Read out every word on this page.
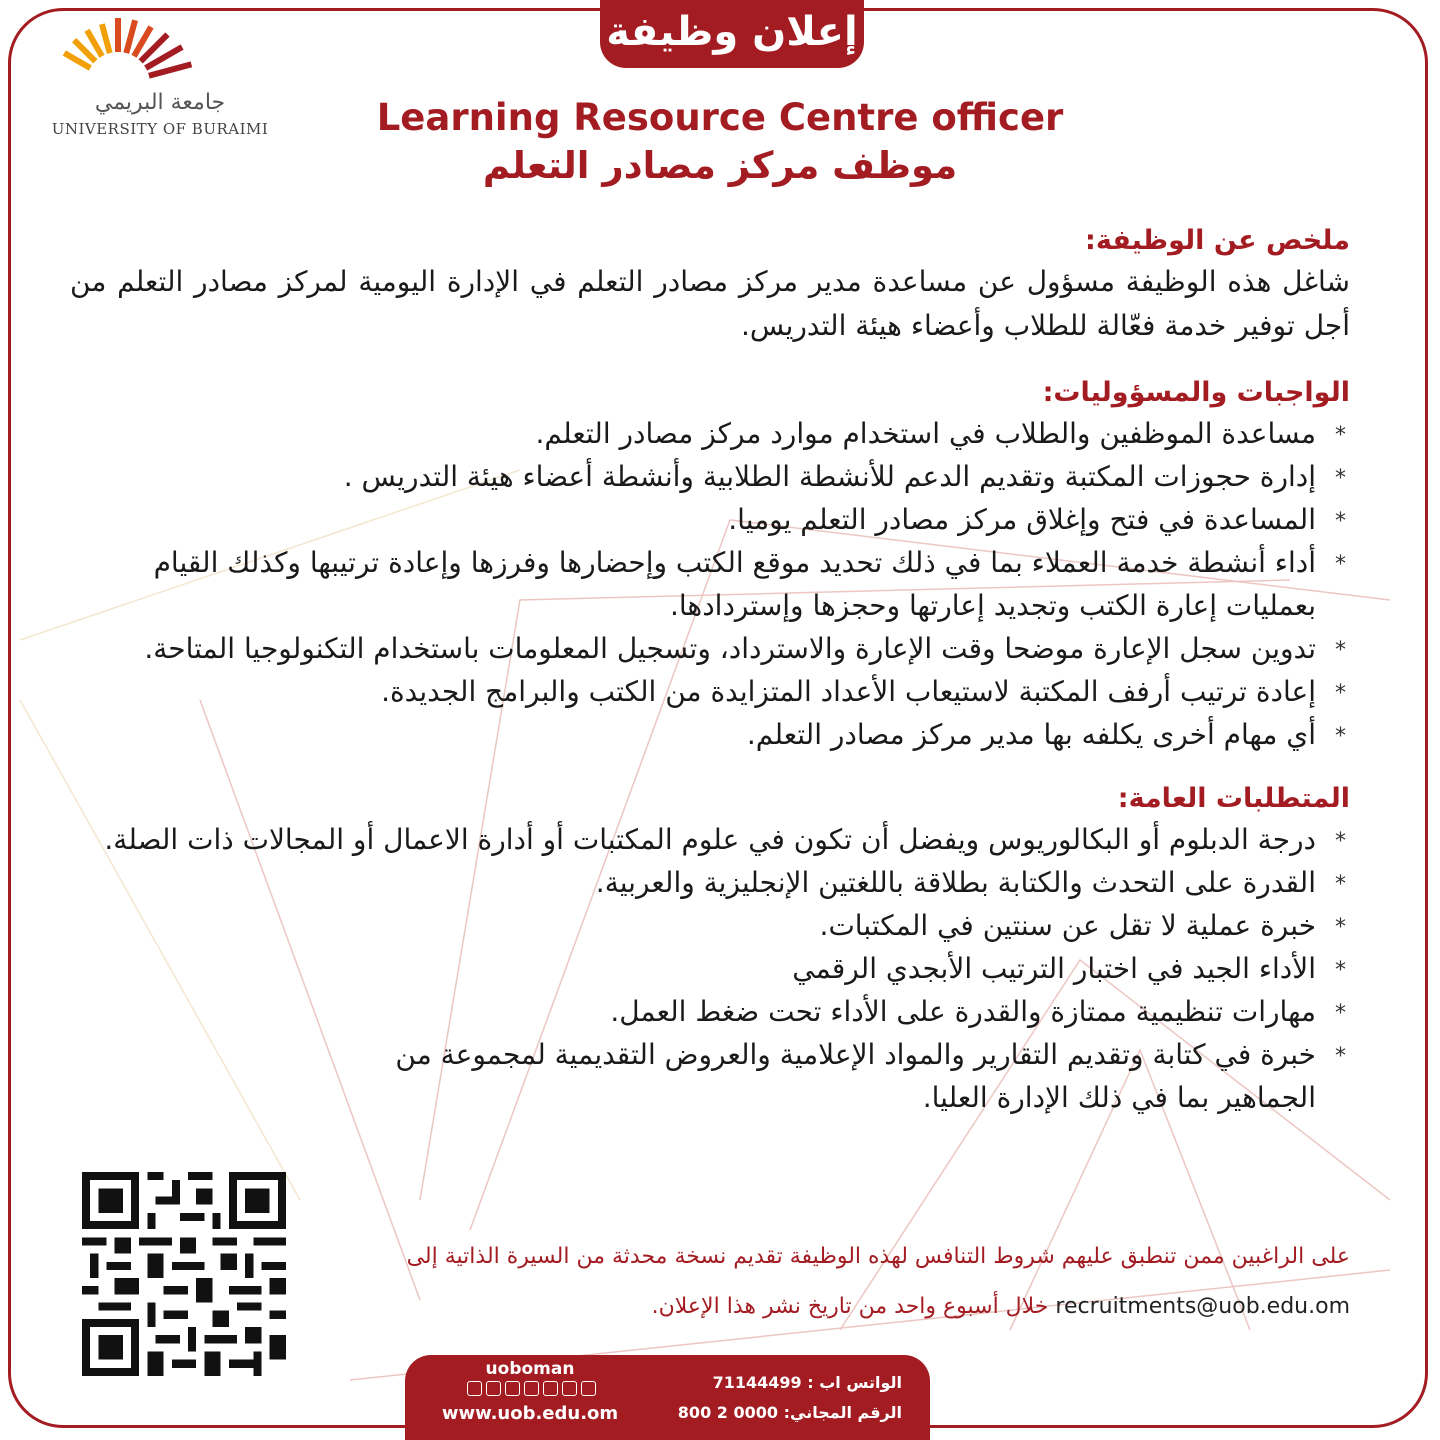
إعلان وظيفة
جامعة البريمي
UNIVERSITY OF BURAIMI	Learning Resource Centre officer
موظف مركز مصادر التعلم
ملخص عن الوظيفة:

شاغل هذه الوظيفة مسؤول عن مساعدة مدير مركز مصادر التعلم في الإدارة اليومية لمركز مصادر التعلم من أجل توفير خدمة فعّالة للطلاب وأعضاء هيئة التدريس.

الواجبات والمسؤوليات:
*
مساعدة الموظفين والطلاب في استخدام موارد مركز مصادر التعلم.
*
إدارة حجوزات المكتبة وتقديم الدعم للأنشطة الطلابية وأنشطة أعضاء هيئة التدريس .
*
المساعدة في فتح وإغلاق مركز مصادر التعلم يوميا.
*
أداء أنشطة خدمة العملاء بما في ذلك تحديد موقع الكتب وإحضارها وفرزها وإعادة ترتيبها وكذلك القيام بعمليات إعارة الكتب وتجديد إعارتها وحجزها وإستردادها.
*
تدوين سجل الإعارة موضحا وقت الإعارة والاسترداد، وتسجيل المعلومات باستخدام التكنولوجيا المتاحة.
*
إعادة ترتيب أرفف المكتبة لاستيعاب الأعداد المتزايدة من الكتب والبرامج الجديدة.
*
أي مهام أخرى يكلفه بها مدير مركز مصادر التعلم.
المتطلبات العامة:
*
درجة الدبلوم أو البكالوريوس ويفضل أن تكون في علوم المكتبات أو أدارة الاعمال أو المجالات ذات الصلة.
*
القدرة على التحدث والكتابة بطلاقة باللغتين الإنجليزية والعربية.
*
خبرة عملية لا تقل عن سنتين في المكتبات.
*
الأداء الجيد في اختبار الترتيب الأبجدي الرقمي
*
مهارات تنظيمية ممتازة والقدرة على الأداء تحت ضغط العمل.
*
خبرة في كتابة وتقديم التقارير والمواد الإعلامية والعروض التقديمية لمجموعة من الجماهير بما في ذلك الإدارة العليا.
على الراغبين ممن تنطبق عليهم شروط التنافس لهذه الوظيفة تقديم نسخة محدثة من السيرة الذاتية إلى recruitments@uob.edu.om خلال أسبوع واحد من تاريخ نشر هذا الإعلان.
uoboman
www.uob.edu.om
الواتس اب : 71144499
الرقم المجاني: 0000 2 800
